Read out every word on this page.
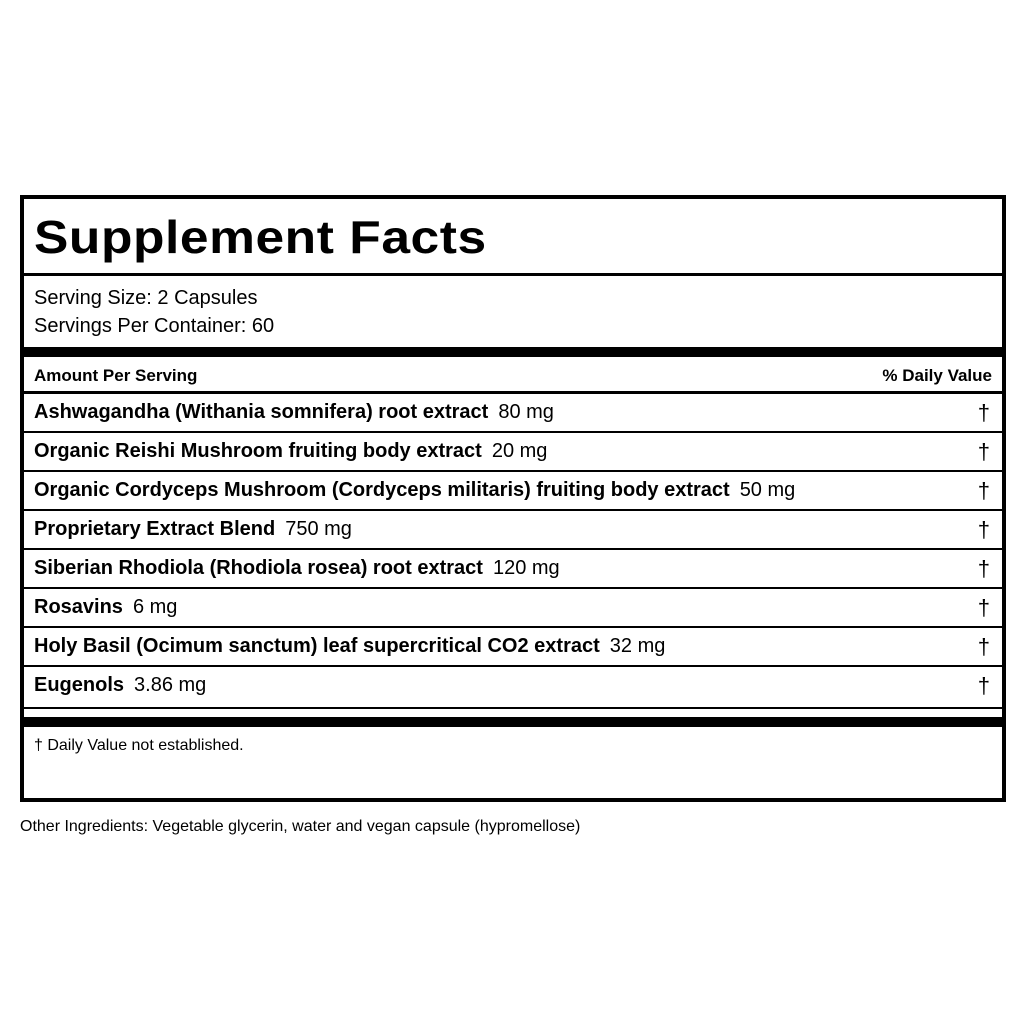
Supplement Facts
Serving Size: 2 Capsules
Servings Per Container: 60
Amount Per Serving	% Daily Value
Ashwagandha (Withania somnifera) root extract 80 mg	†
Organic Reishi Mushroom fruiting body extract 20 mg	†
Organic Cordyceps Mushroom (Cordyceps militaris) fruiting body extract 50 mg	†
Proprietary Extract Blend 750 mg	†
Siberian Rhodiola (Rhodiola rosea) root extract 120 mg	†
Rosavins 6 mg	†
Holy Basil (Ocimum sanctum) leaf supercritical CO2 extract 32 mg	†
Eugenols 3.86 mg	†
† Daily Value not established.
Other Ingredients: Vegetable glycerin, water and vegan capsule (hypromellose)
